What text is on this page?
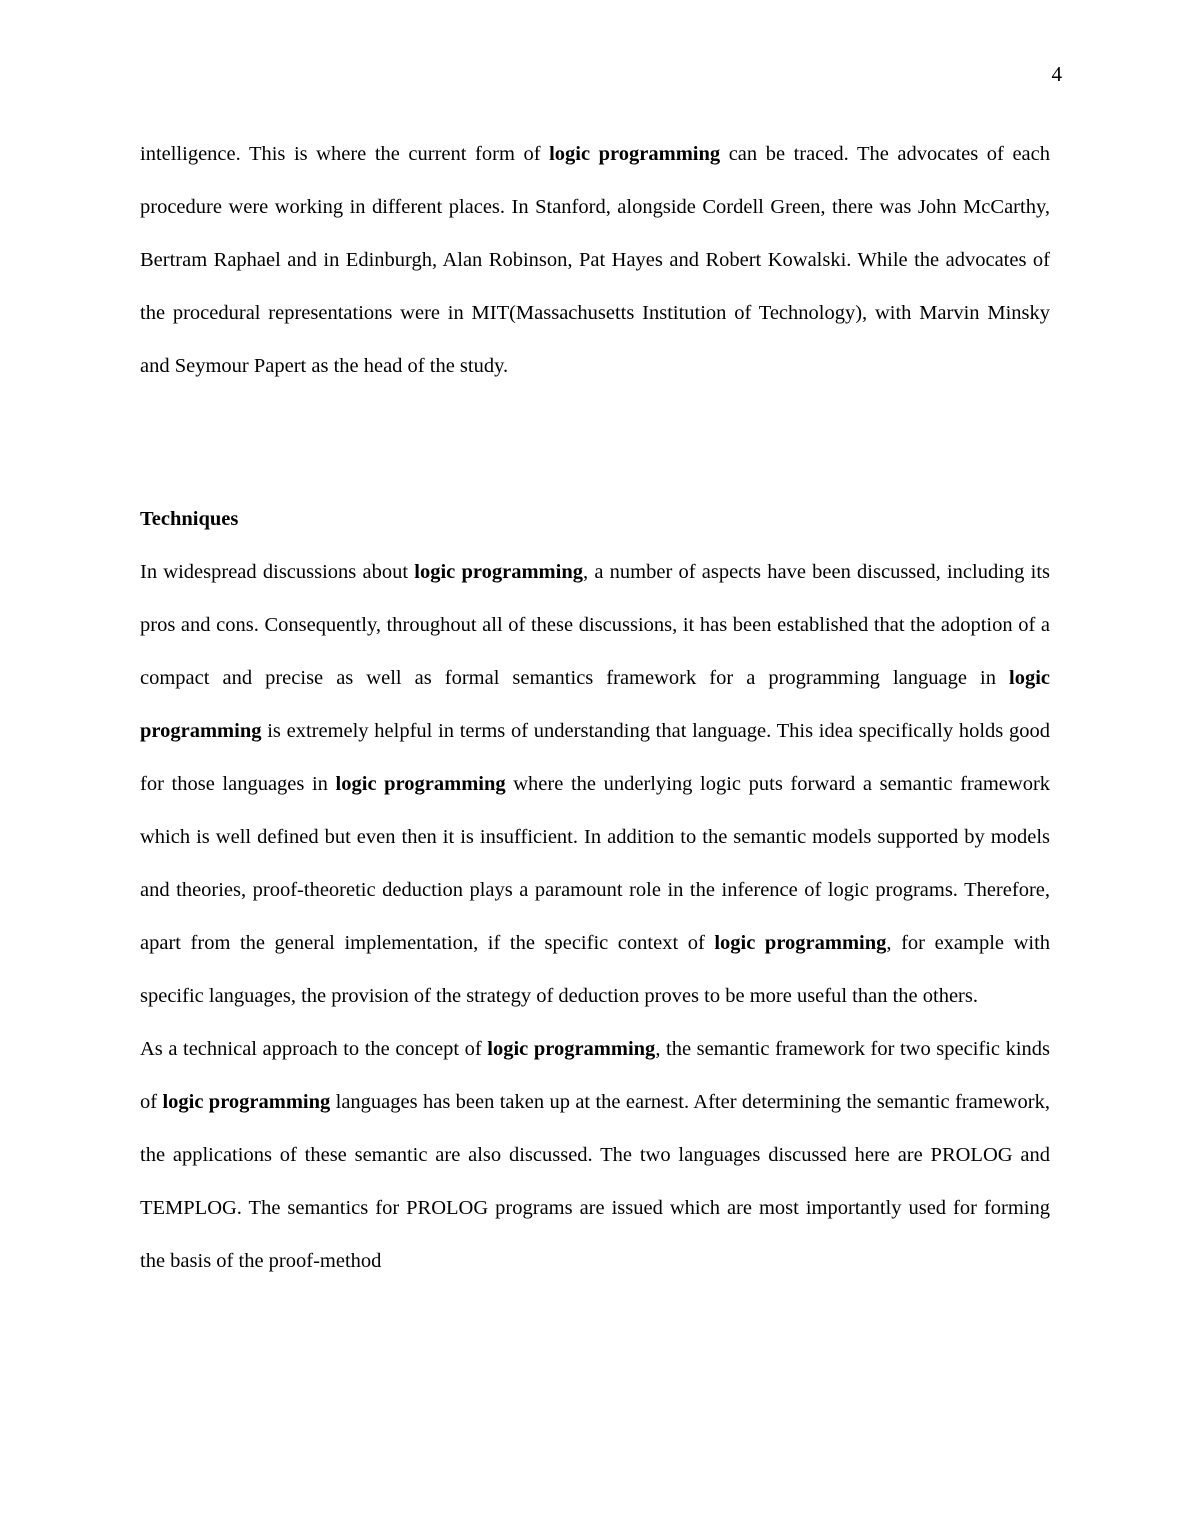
4

intelligence. This is where the current form of logic programming can be traced. The advocates of each procedure were working in different places. In Stanford, alongside Cordell Green, there was John McCarthy, Bertram Raphael and in Edinburgh, Alan Robinson, Pat Hayes and Robert Kowalski. While the advocates of the procedural representations were in MIT(Massachusetts Institution of Technology), with Marvin Minsky and Seymour Papert as the head of the study.

Techniques

In widespread discussions about logic programming, a number of aspects have been discussed, including its pros and cons. Consequently, throughout all of these discussions, it has been established that the adoption of a compact and precise as well as formal semantics framework for a programming language in logic programming is extremely helpful in terms of understanding that language. This idea specifically holds good for those languages in logic programming where the underlying logic puts forward a semantic framework which is well defined but even then it is insufficient. In addition to the semantic models supported by models and theories, proof-theoretic deduction plays a paramount role in the inference of logic programs. Therefore, apart from the general implementation, if the specific context of logic programming, for example with specific languages, the provision of the strategy of deduction proves to be more useful than the others.

As a technical approach to the concept of logic programming, the semantic framework for two specific kinds of logic programming languages has been taken up at the earnest. After determining the semantic framework, the applications of these semantic are also discussed. The two languages discussed here are PROLOG and TEMPLOG. The semantics for PROLOG programs are issued which are most importantly used for forming the basis of the proof-method
